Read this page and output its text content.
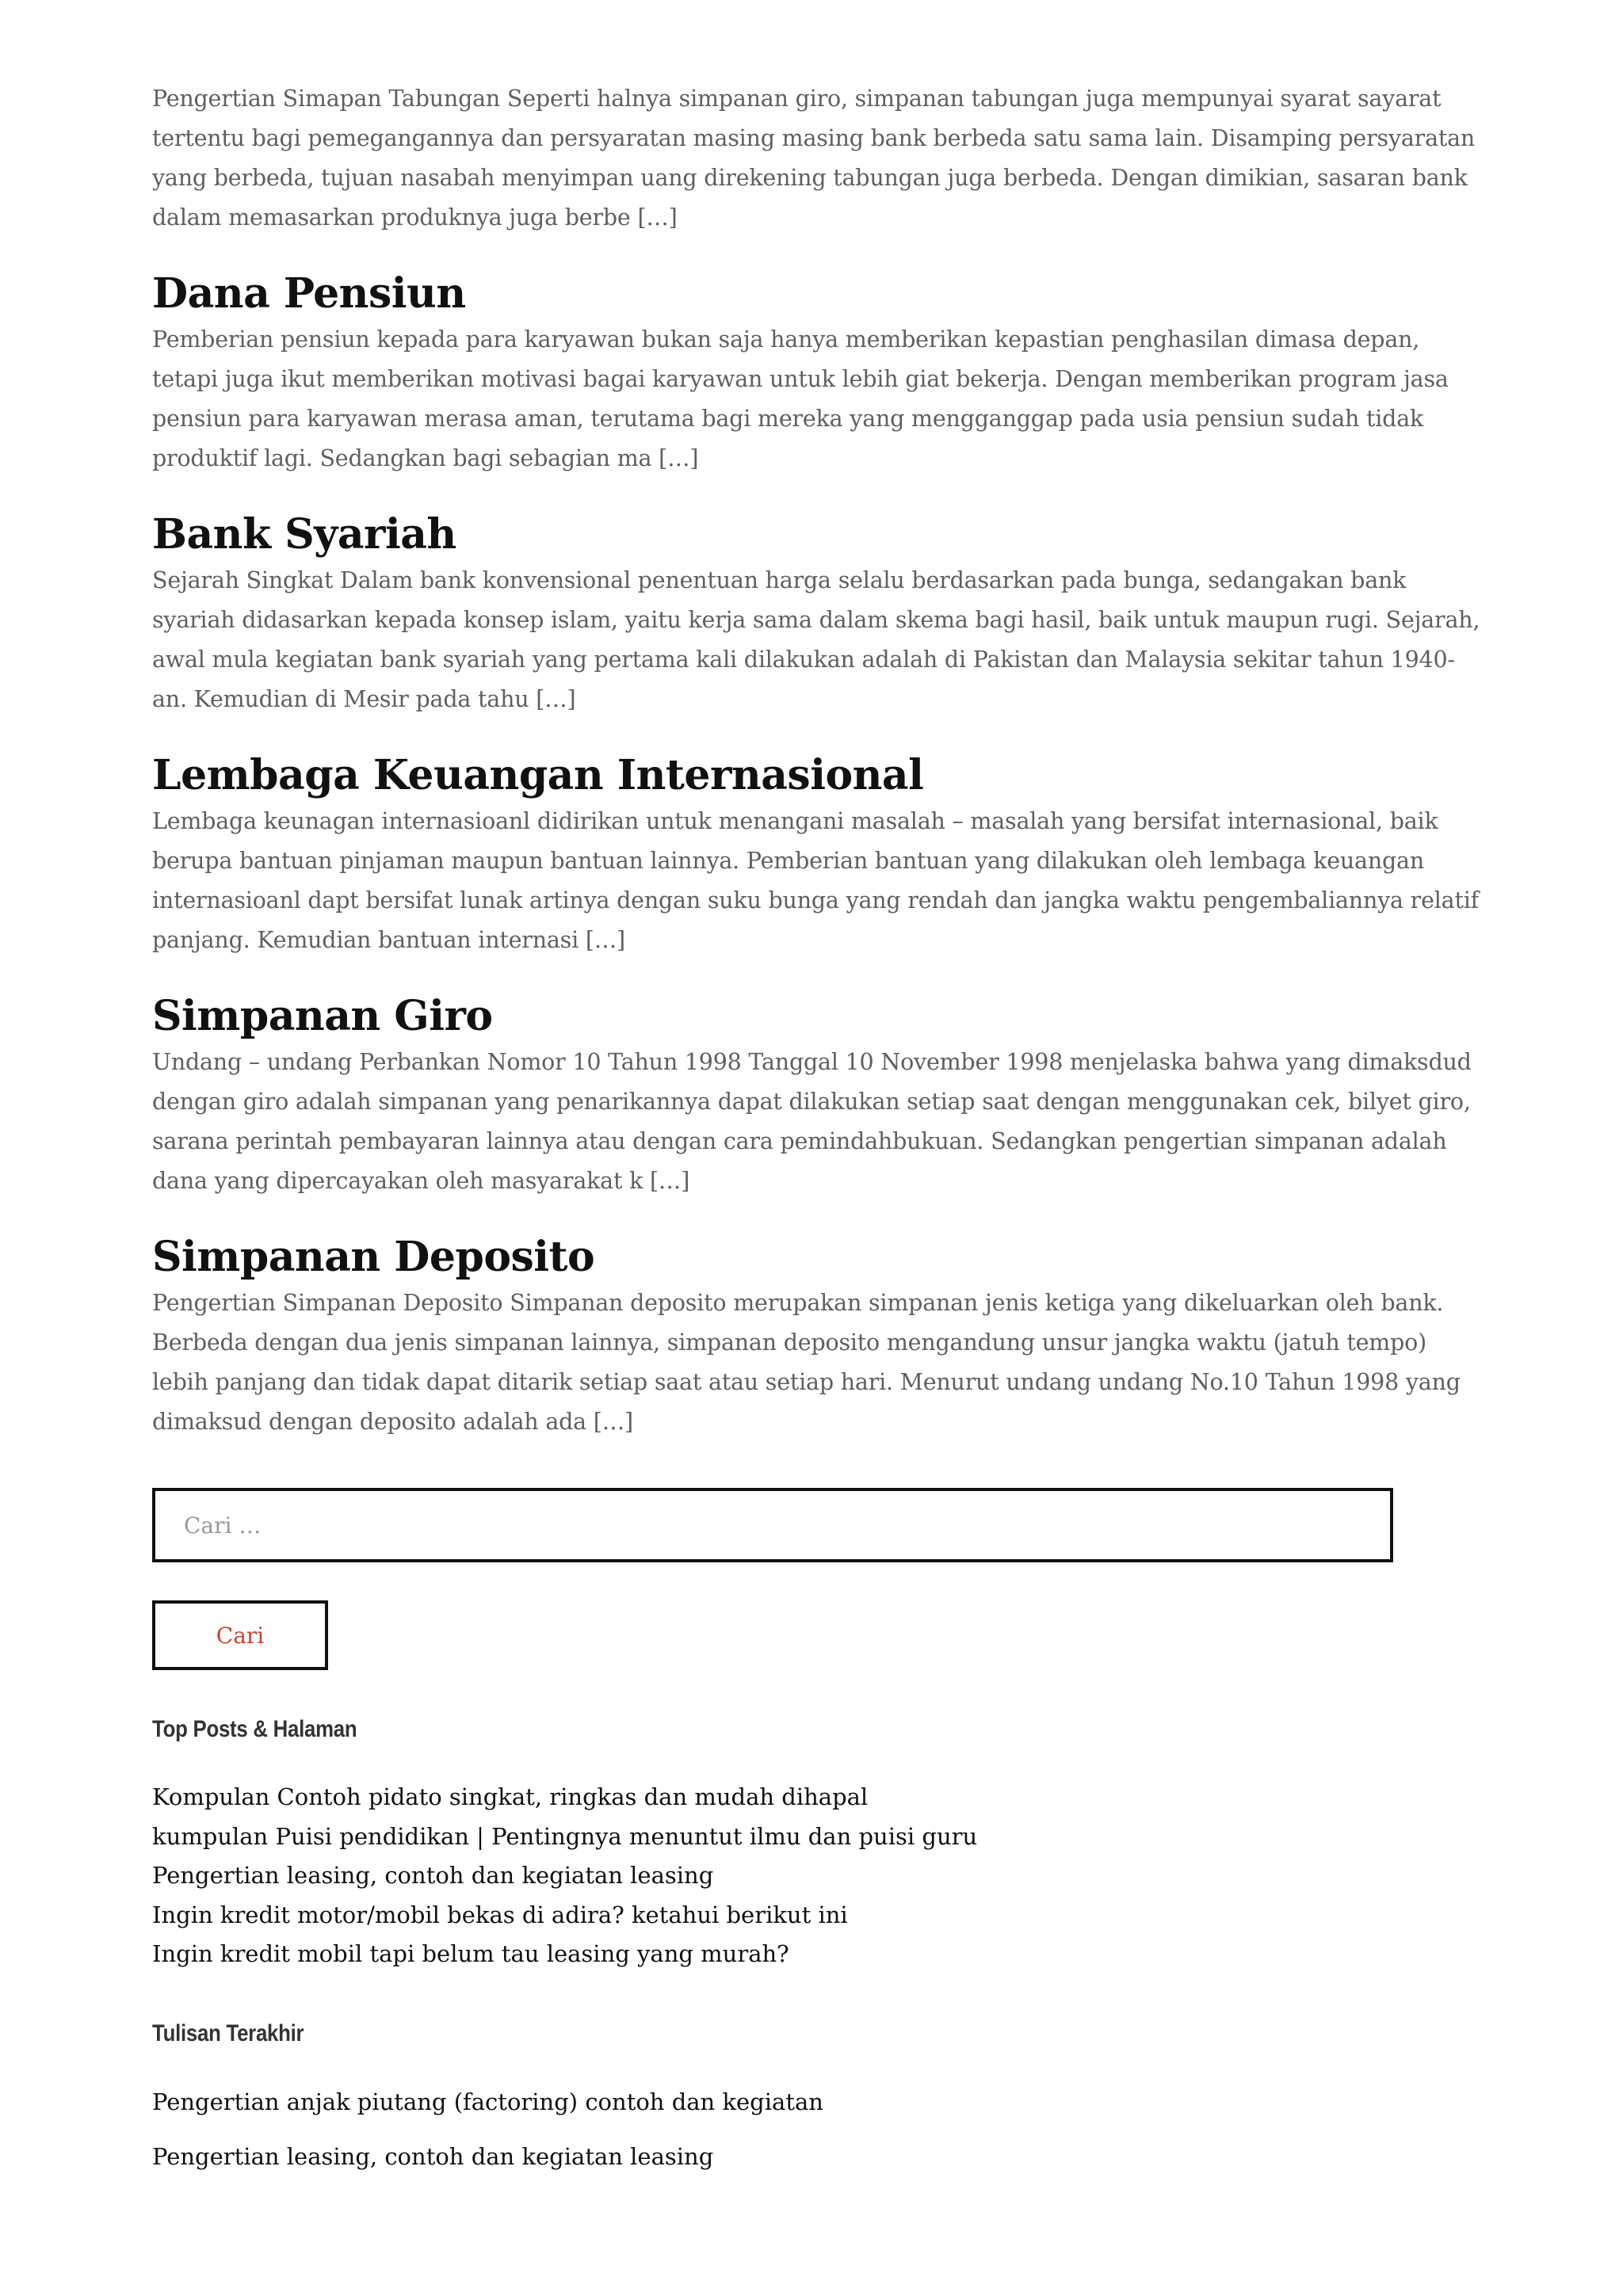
Pengertian Simapan Tabungan Seperti halnya simpanan giro, simpanan tabungan juga mempunyai syarat sayarat tertentu bagi pemegangannya dan persyaratan masing masing bank berbeda satu sama lain. Disamping persyaratan yang berbeda, tujuan nasabah menyimpan uang direkening tabungan juga berbeda. Dengan dimikian, sasaran bank dalam memasarkan produknya juga berbe […]

Dana Pensiun

Pemberian pensiun kepada para karyawan bukan saja hanya memberikan kepastian penghasilan dimasa depan, tetapi juga ikut memberikan motivasi bagai karyawan untuk lebih giat bekerja. Dengan memberikan program jasa pensiun para karyawan merasa aman, terutama bagi mereka yang mengganggap pada usia pensiun sudah tidak produktif lagi. Sedangkan bagi sebagian ma […]

Bank Syariah

Sejarah Singkat Dalam bank konvensional penentuan harga selalu berdasarkan pada bunga, sedangakan bank syariah didasarkan kepada konsep islam, yaitu kerja sama dalam skema bagi hasil, baik untuk maupun rugi. Sejarah, awal mula kegiatan bank syariah yang pertama kali dilakukan adalah di Pakistan dan Malaysia sekitar tahun 1940-an. Kemudian di Mesir pada tahu […]

Lembaga Keuangan Internasional

Lembaga keunagan internasioanl didirikan untuk menangani masalah – masalah yang bersifat internasional, baik berupa bantuan pinjaman maupun bantuan lainnya. Pemberian bantuan yang dilakukan oleh lembaga keuangan internasioanl dapt bersifat lunak artinya dengan suku bunga yang rendah dan jangka waktu pengembaliannya relatif panjang. Kemudian bantuan internasi […]

Simpanan Giro

Undang – undang Perbankan Nomor 10 Tahun 1998 Tanggal 10 November 1998 menjelaska bahwa yang dimaksdud dengan giro adalah simpanan yang penarikannya dapat dilakukan setiap saat dengan menggunakan cek, bilyet giro, sarana perintah pembayaran lainnya atau dengan cara pemindahbukuan. Sedangkan pengertian simpanan adalah dana yang dipercayakan oleh masyarakat k […]

Simpanan Deposito

Pengertian Simpanan Deposito Simpanan deposito merupakan simpanan jenis ketiga yang dikeluarkan oleh bank. Berbeda dengan dua jenis simpanan lainnya, simpanan deposito mengandung unsur jangka waktu (jatuh tempo) lebih panjang dan tidak dapat ditarik setiap saat atau setiap hari. Menurut undang undang No.10 Tahun 1998 yang dimaksud dengan deposito adalah ada […]

Cari …
Cari
Top Posts & Halaman
Kompulan Contoh pidato singkat, ringkas dan mudah dihapal
kumpulan Puisi pendidikan | Pentingnya menuntut ilmu dan puisi guru
Pengertian leasing, contoh dan kegiatan leasing
Ingin kredit motor/mobil bekas di adira? ketahui berikut ini
Ingin kredit mobil tapi belum tau leasing yang murah?
Tulisan Terakhir
Pengertian anjak piutang (factoring) contoh dan kegiatan
Pengertian leasing, contoh dan kegiatan leasing
